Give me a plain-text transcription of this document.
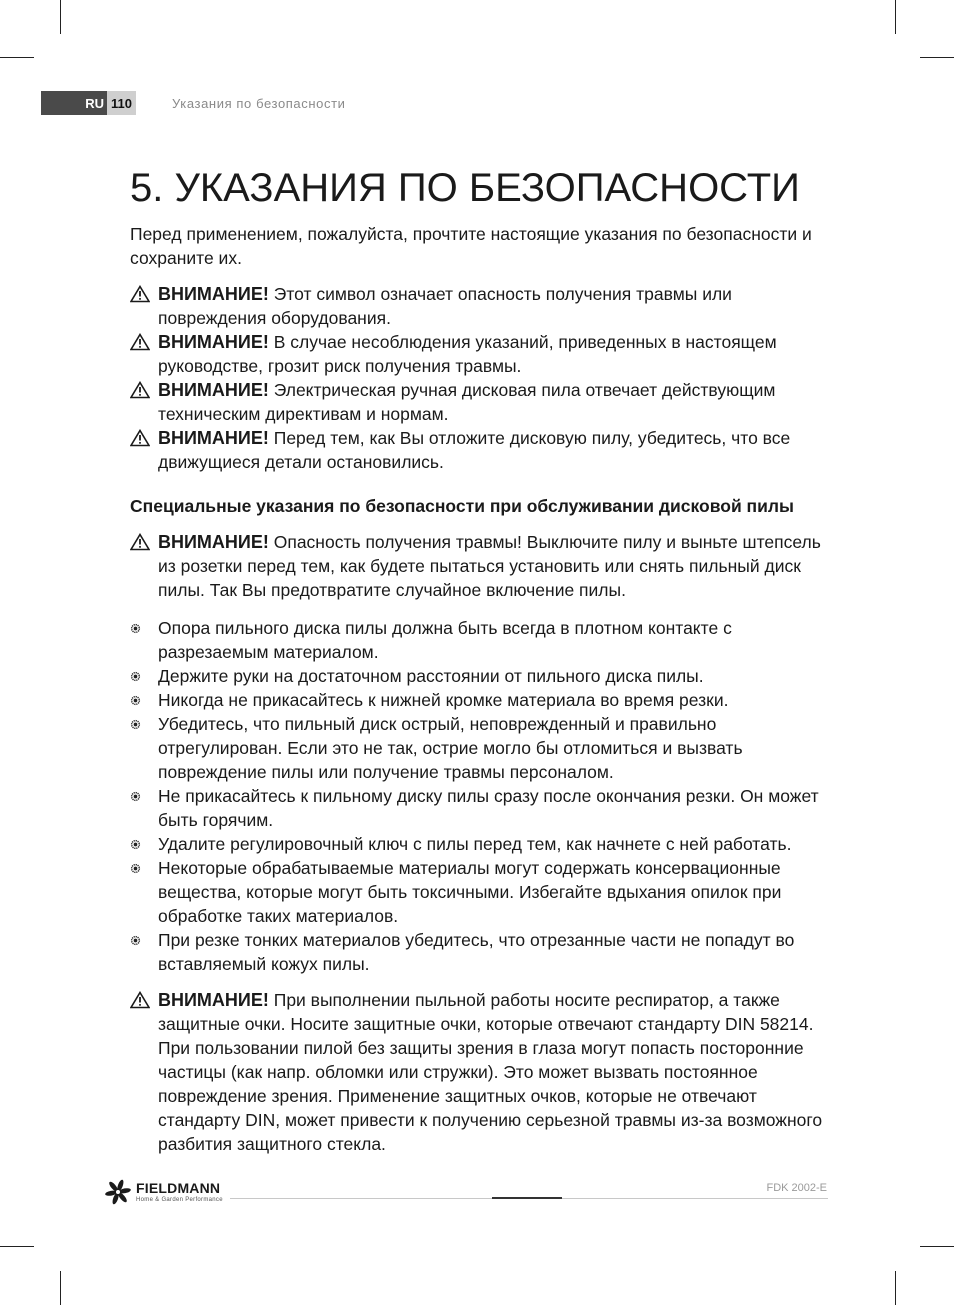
RU 110	Указания по безопасности
5. УКАЗАНИЯ ПО БЕЗОПАСНОСТИ

Перед применением, пожалуйста, прочтите настоящие указания по безопасности и сохраните их.

ВНИМАНИЕ! Этот символ означает опасность получения травмы или повреждения оборудования.
ВНИМАНИЕ! В случае несоблюдения указаний, приведенных в настоящем руководстве, грозит риск получения травмы.
ВНИМАНИЕ! Электрическая ручная дисковая пила отвечает действующим техническим директивам и нормам.
ВНИМАНИЕ! Перед тем, как Вы отложите дисковую пилу, убедитесь, что все движущиеся детали остановились.
Специальные указания по безопасности при обслуживании дисковой пилы
ВНИМАНИЕ! Опасность получения травмы! Выключите пилу и выньте штепсель из розетки перед тем, как будете пытаться установить или снять пильный диск пилы. Так Вы предотвратите случайное включение пилы.
Опора пильного диска пилы должна быть всегда в плотном контакте с разрезаемым материалом.
Держите руки на достаточном расстоянии от пильного диска пилы.
Никогда не прикасайтесь к нижней кромке материала во время резки.
Убедитесь, что пильный диск острый, неповрежденный и правильно отрегулирован. Если это не так, острие могло бы отломиться и вызвать повреждение пилы или получение травмы персоналом.
Не прикасайтесь к пильному диску пилы сразу после окончания резки. Он может быть горячим.
Удалите регулировочный ключ с пилы перед тем, как начнете с ней работать.
Некоторые обрабатываемые материалы могут содержать консервационные вещества, которые могут быть токсичными. Избегайте вдыхания опилок при обработке таких материалов.
При резке тонких материалов убедитесь, что отрезанные части не попадут во вставляемый кожух пилы.
ВНИМАНИЕ! При выполнении пыльной работы носите респиратор, а также защитные очки. Носите защитные очки, которые отвечают стандарту DIN 58214. При пользовании пилой без защиты зрения в глаза могут попасть посторонние частицы (как напр. обломки или стружки). Это может вызвать постоянное повреждение зрения. Применение защитных очков, которые не отвечают стандарту DIN, может привести к получению серьезной травмы из-за возможного разбития защитного стекла.
FIELDMANN
Home & Garden Performance
FDK 2002-E
